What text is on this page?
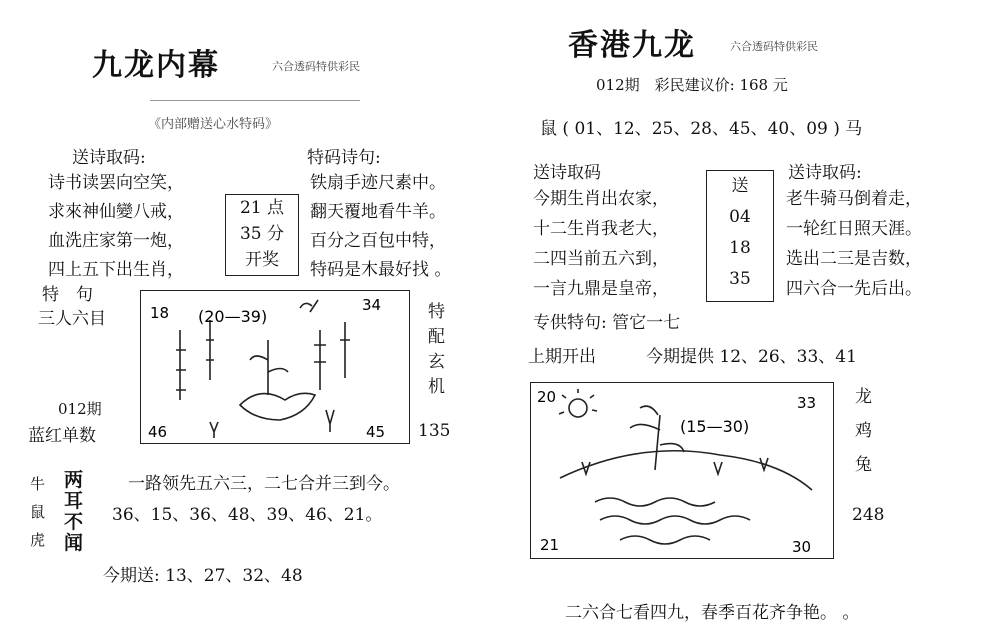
九龙内幕	六合透码特供彩民
《内部赠送心水特码》
送诗取码:
诗书读罢向空笑，
求來神仙變八戒，
血洗庄家第一炮，
四上五下出生肖，
21 点
35 分
开奖
特码诗句:
铁扇手迹尺素中。
翻天覆地看牛羊。
百分之百包中特，
特码是木最好找 。
特　句
三人六目
012期
蓝红单数
18	34
46	45
(20—39)
20	33
21	30
(15—30)
特
配
玄
机
135
牛
鼠
虎
两
耳
不
闻
一路领先五六三，二七合并三到今。
36、15、36、48、39、46、21。
今期送: 13、27、32、48
香港九龙	六合透码特供彩民
012期　彩民建议价: 168 元
鼠 ( 01、12、25、28、45、40、09 ) 马
送诗取码
今期生肖出农家，
十二生肖我老大，
二四当前五六到，
一言九鼎是皇帝，
送
04
18
35
送诗取码:
老牛骑马倒着走，
一轮红日照天涯。
选出二三是吉数，
四六合一先后出。
专供特句: 管它一七
上期开出	今期提供 12、26、33、41
龙
鸡
兔
248
二六合七看四九，春季百花齐争艳。 。
